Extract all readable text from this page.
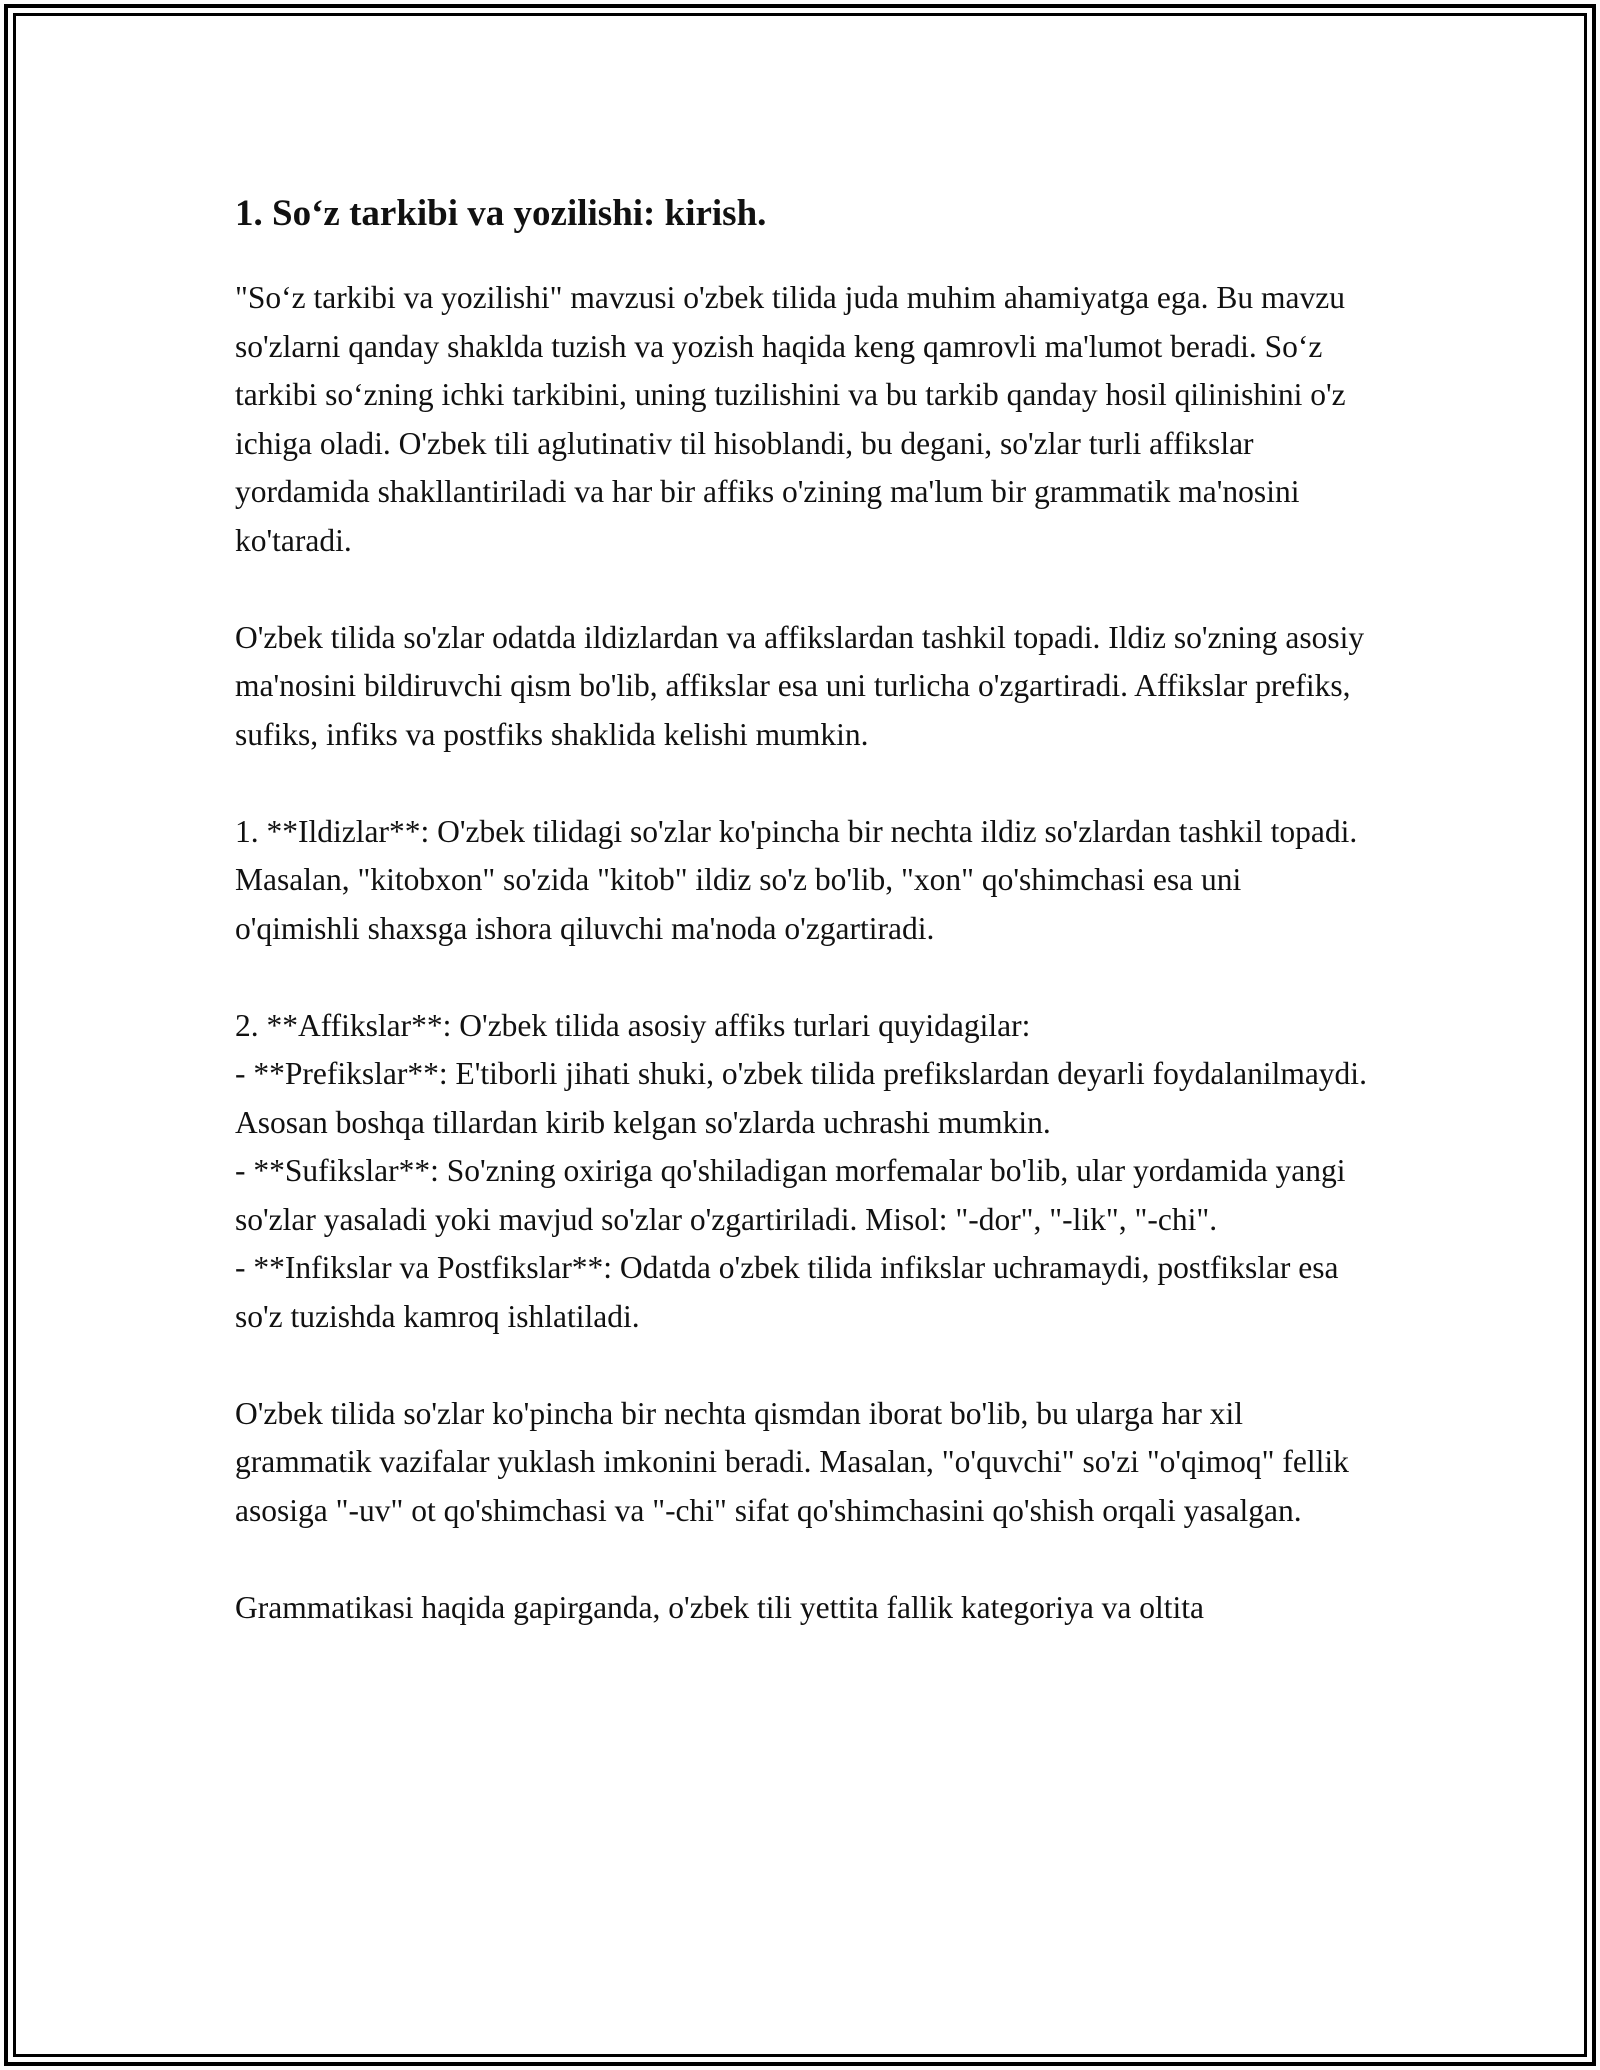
1. So‘z tarkibi va yozilishi: kirish.

"So‘z tarkibi va yozilishi" mavzusi o'zbek tilida juda muhim ahamiyatga ega. Bu mavzu so'zlarni qanday shaklda tuzish va yozish haqida keng qamrovli ma'lumot beradi. So‘z tarkibi so‘zning ichki tarkibini, uning tuzilishini va bu tarkib qanday hosil qilinishini o'z ichiga oladi. O'zbek tili aglutinativ til hisoblandi, bu degani, so'zlar turli affikslar yordamida shakllantiriladi va har bir affiks o'zining ma'lum bir grammatik ma'nosini ko'taradi.

O'zbek tilida so'zlar odatda ildizlardan va affikslardan tashkil topadi. Ildiz so'zning asosiy ma'nosini bildiruvchi qism bo'lib, affikslar esa uni turlicha o'zgartiradi. Affikslar prefiks, sufiks, infiks va postfiks shaklida kelishi mumkin.

1. **Ildizlar**: O'zbek tilidagi so'zlar ko'pincha bir nechta ildiz so'zlardan tashkil topadi. Masalan, "kitobxon" so'zida "kitob" ildiz so'z bo'lib, "xon" qo'shimchasi esa uni o'qimishli shaxsga ishora qiluvchi ma'noda o'zgartiradi.

2. **Affikslar**: O'zbek tilida asosiy affiks turlari quyidagilar:
- **Prefikslar**: E'tiborli jihati shuki, o'zbek tilida prefikslardan deyarli foydalanilmaydi. Asosan boshqa tillardan kirib kelgan so'zlarda uchrashi mumkin.
- **Sufikslar**: So'zning oxiriga qo'shiladigan morfemalar bo'lib, ular yordamida yangi so'zlar yasaladi yoki mavjud so'zlar o'zgartiriladi. Misol: "-dor", "-lik", "-chi".
- **Infikslar va Postfikslar**: Odatda o'zbek tilida infikslar uchramaydi, postfikslar esa so'z tuzishda kamroq ishlatiladi.

O'zbek tilida so'zlar ko'pincha bir nechta qismdan iborat bo'lib, bu ularga har xil grammatik vazifalar yuklash imkonini beradi. Masalan, "o'quvchi" so'zi "o'qimoq" fellik asosiga "-uv" ot qo'shimchasi va "-chi" sifat qo'shimchasini qo'shish orqali yasalgan.

Grammatikasi haqida gapirganda, o'zbek tili yettita fallik kategoriya va oltita
